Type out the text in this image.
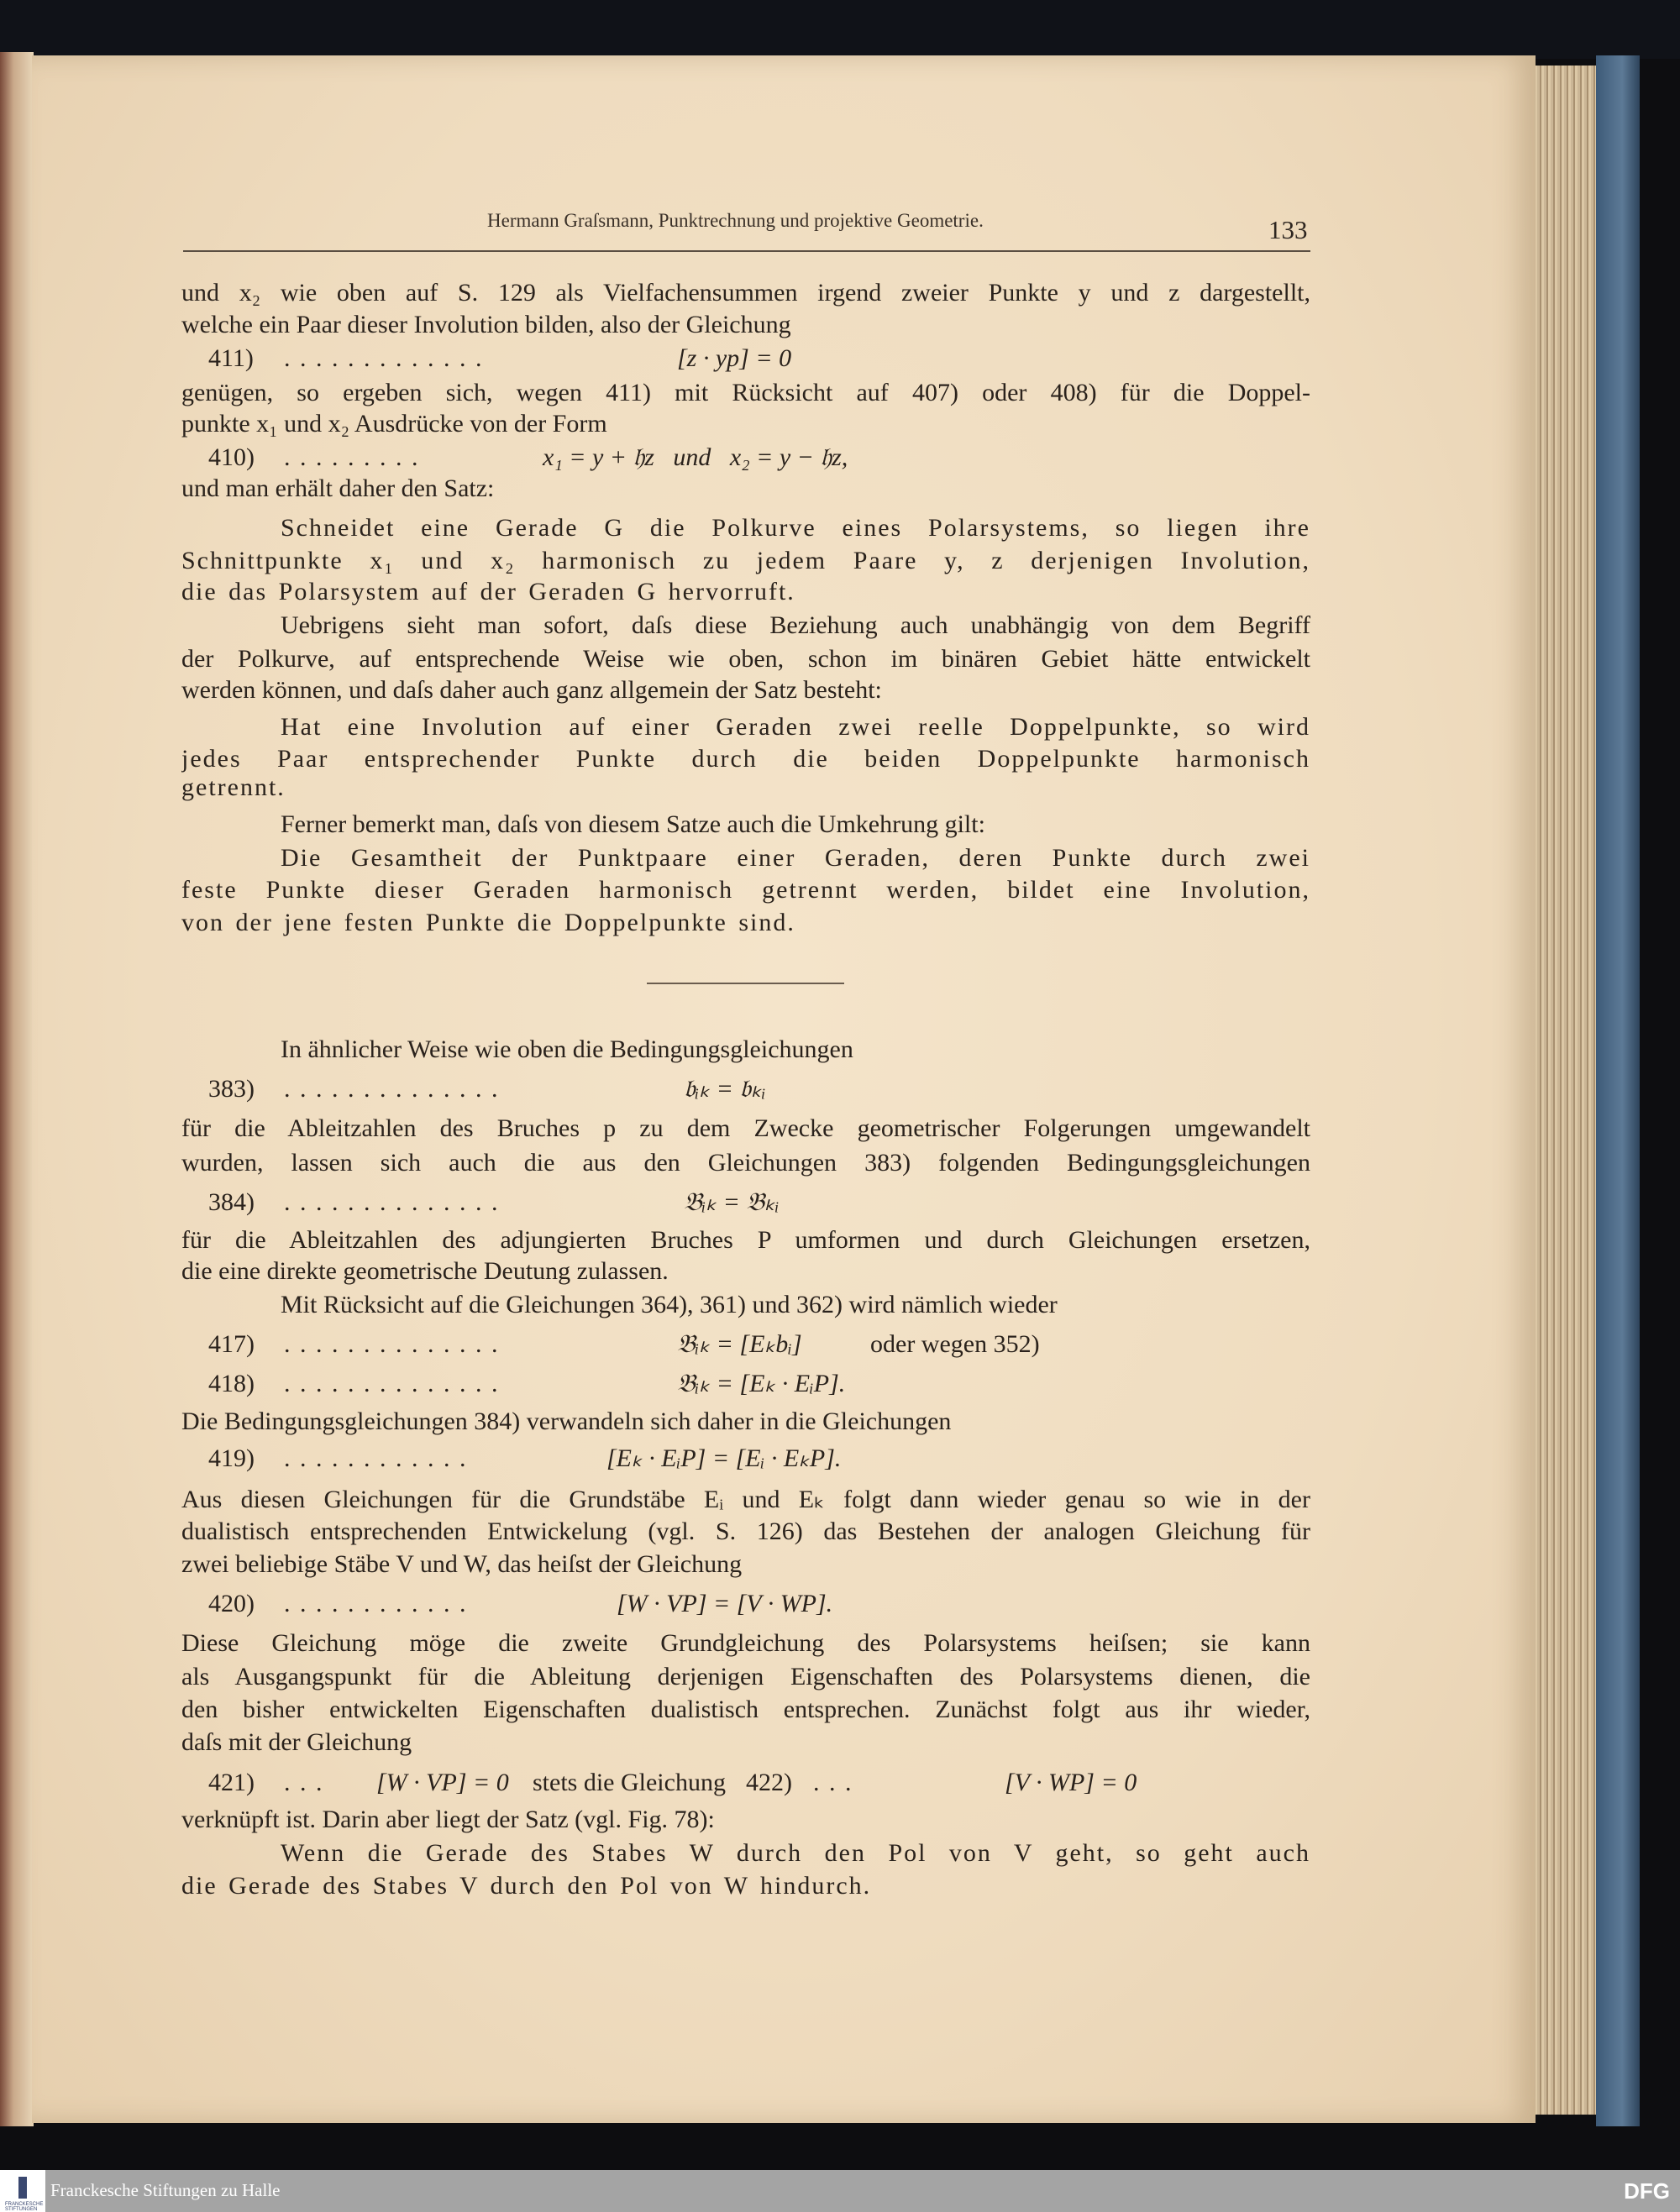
Hermann Graſsmann, Punktrechnung und projektive Geometrie.	133
und x₂ wie oben auf S. 129 als Vielfachensummen irgend zweier Punkte y und z dargestellt,
welche ein Paar dieser Involution bilden, also der Gleichung
411) . . . . . . . . . . . . .	[z · yp] = 0
genügen, so ergeben sich, wegen 411) mit Rücksicht auf 407) oder 408) für die Doppel-
punkte x₁ und x₂ Ausdrücke von der Form
410) . . . . . . . . .	x₁ = y + 𝔥z   und   x₂ = y − 𝔥z,
und man erhält daher den Satz:
Schneidet eine Gerade G die Polkurve eines Polarsystems, so liegen ihre
Schnittpunkte x₁ und x₂ harmonisch zu jedem Paare y, z derjenigen Involution,
die das Polarsystem auf der Geraden G hervorruft.
Uebrigens sieht man sofort, daſs diese Beziehung auch unabhängig von dem Begriff
der Polkurve, auf entsprechende Weise wie oben, schon im binären Gebiet hätte entwickelt
werden können, und daſs daher auch ganz allgemein der Satz besteht:
Hat eine Involution auf einer Geraden zwei reelle Doppelpunkte, so wird
jedes Paar entsprechender Punkte durch die beiden Doppelpunkte harmonisch
getrennt.
Ferner bemerkt man, daſs von diesem Satze auch die Umkehrung gilt:
Die Gesamtheit der Punktpaare einer Geraden, deren Punkte durch zwei
feste Punkte dieser Geraden harmonisch getrennt werden, bildet eine Involution,
von der jene festen Punkte die Doppelpunkte sind.
In ähnlicher Weise wie oben die Bedingungsgleichungen
383) . . . . . . . . . . . . . .	𝔟ᵢₖ = 𝔟ₖᵢ
für die Ableitzahlen des Bruches p zu dem Zwecke geometrischer Folgerungen umgewandelt
wurden, lassen sich auch die aus den Gleichungen 383) folgenden Bedingungsgleichungen
384) . . . . . . . . . . . . . .	𝔅ᵢₖ = 𝔅ₖᵢ
für die Ableitzahlen des adjungierten Bruches P umformen und durch Gleichungen ersetzen,
die eine direkte geometrische Deutung zulassen.
Mit Rücksicht auf die Gleichungen 364), 361) und 362) wird nämlich wieder
417) . . . . . . . . . . . . . .	𝔅ᵢₖ = [Eₖbᵢ]	oder wegen 352)
418) . . . . . . . . . . . . . .	𝔅ᵢₖ = [Eₖ · EᵢP].
Die Bedingungsgleichungen 384) verwandeln sich daher in die Gleichungen
419) . . . . . . . . . . . .	[Eₖ · EᵢP] = [Eᵢ · EₖP].
Aus diesen Gleichungen für die Grundstäbe Eᵢ und Eₖ folgt dann wieder genau so wie in der
dualistisch entsprechenden Entwickelung (vgl. S. 126) das Bestehen der analogen Gleichung für
zwei beliebige Stäbe V und W, das heiſst der Gleichung
420) . . . . . . . . . . . .	[W · VP] = [V · WP].
Diese Gleichung möge die zweite Grundgleichung des Polarsystems heiſsen; sie kann
als Ausgangspunkt für die Ableitung derjenigen Eigenschaften des Polarsystems dienen, die
den bisher entwickelten Eigenschaften dualistisch entsprechen. Zunächst folgt aus ihr wieder,
daſs mit der Gleichung
421) . . . [W · VP] = 0 stets die Gleichung 422) . . .	[V · WP] = 0
verknüpft ist. Darin aber liegt der Satz (vgl. Fig. 78):
Wenn die Gerade des Stabes W durch den Pol von V geht, so geht auch
die Gerade des Stabes V durch den Pol von W hindurch.
FRANCKESCHE STIFTUNGEN
Franckesche Stiftungen zu Halle	DFG
